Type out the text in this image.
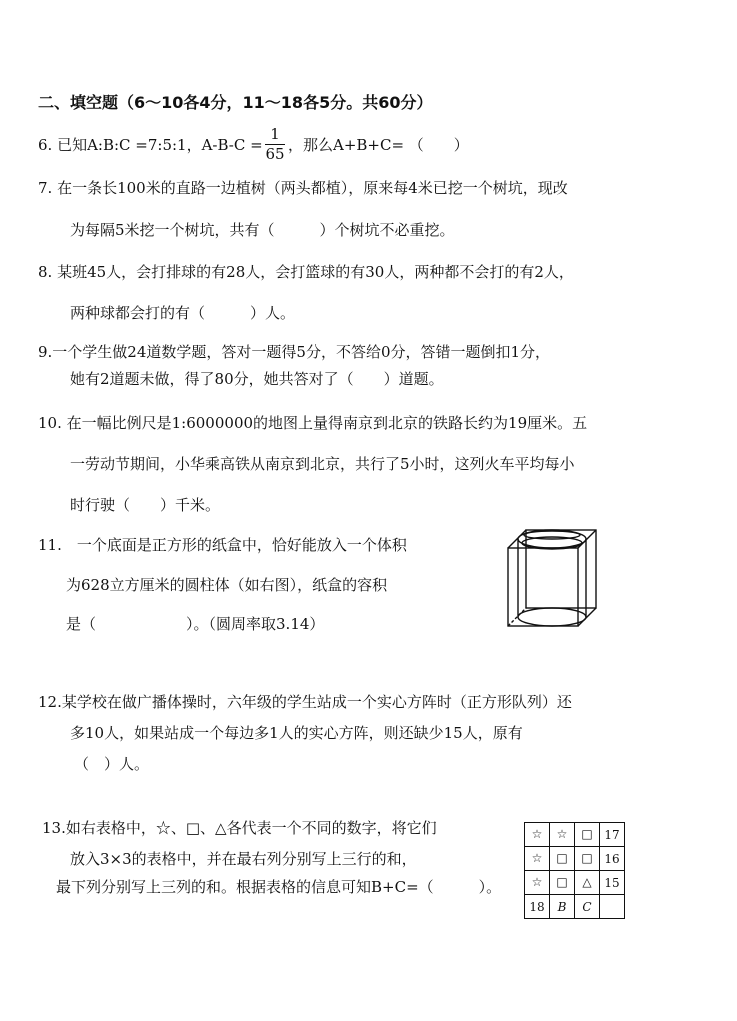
二、填空题（6～10各4分，11～18各5分。共60分）
6. 已知A:B:C =7:5:1，A-B-C =
1
65 ，那么A+B+C= （　　）
7. 在一条长100米的直路一边植树（两头都植），原来每4米已挖一个树坑，现改
为每隔5米挖一个树坑，共有（　　　）个树坑不必重挖。
8. 某班45人，会打排球的有28人，会打篮球的有30人，两种都不会打的有2人，
两种球都会打的有（　　　）人。
9.一个学生做24道数学题，答对一题得5分，不答给0分，答错一题倒扣1分，
她有2道题未做，得了80分，她共答对了（　　）道题。
10. 在一幅比例尺是1:6000000的地图上量得南京到北京的铁路长约为19厘米。五
一劳动节期间，小华乘高铁从南京到北京，共行了5小时，这列火车平均每小
时行驶（　　）千米。
11.　一个底面是正方形的纸盒中，恰好能放入一个体积
为628立方厘米的圆柱体（如右图），纸盒的容积
是（　　　　　　）。（圆周率取3.14）
12.某学校在做广播体操时，六年级的学生站成一个实心方阵时（正方形队列）还
多10人，如果站成一个每边多1人的实心方阵，则还缺少15人，原有
（　）人。
13.如右表格中，☆、□、△各代表一个不同的数字，将它们
放入3×3的表格中，并在最右列分别写上三行的和，
最下列分别写上三列的和。根据表格的信息可知B+C=（　　　）。
☆	☆	□	17
☆	□	□	16
☆	□	△	15
18	B	C	
